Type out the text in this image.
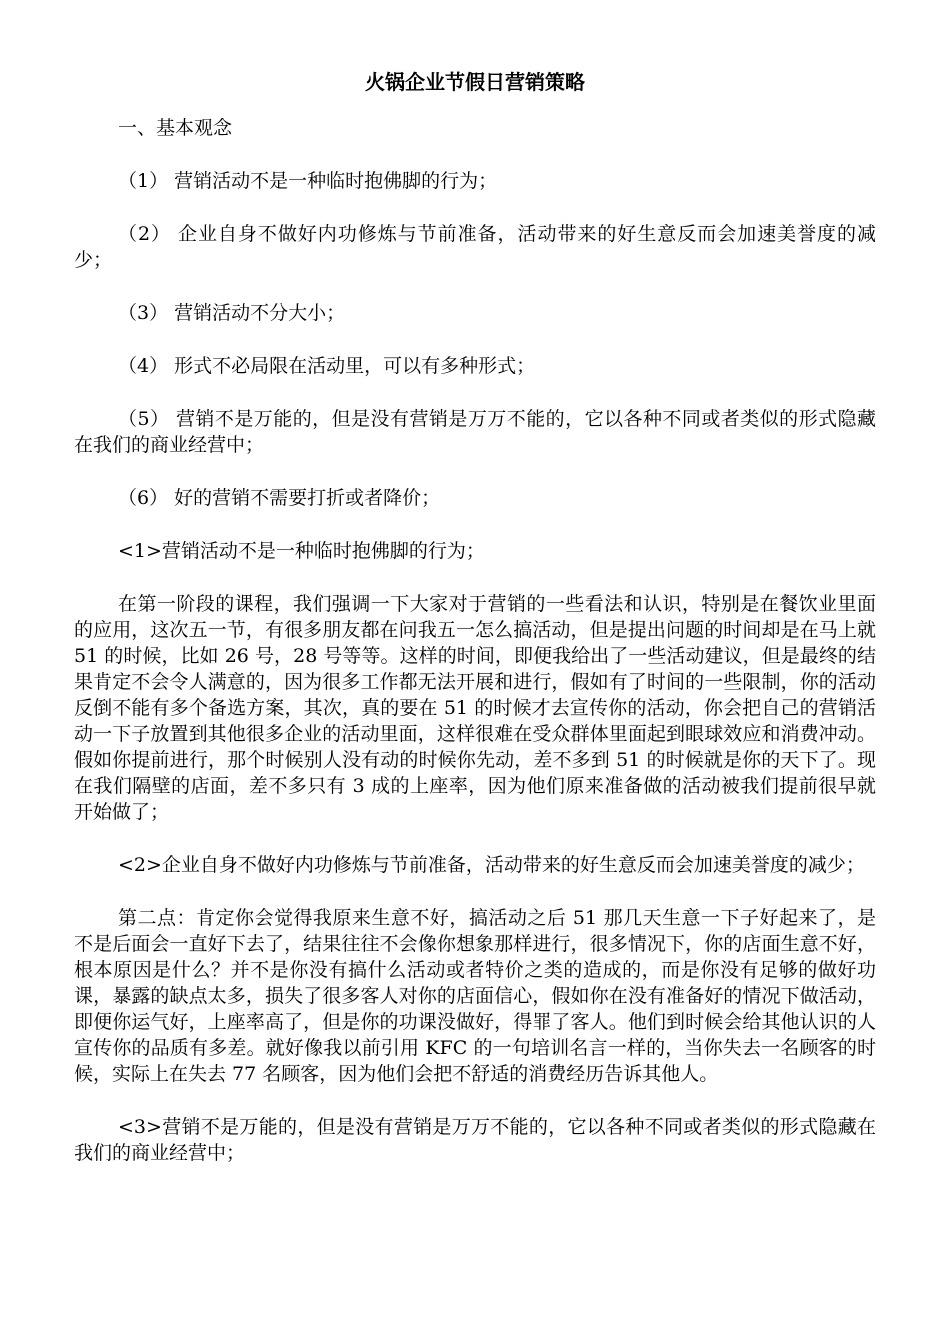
火锅企业节假日营销策略

一、基本观念

（1） 营销活动不是一种临时抱佛脚的行为；

（2） 企业自身不做好内功修炼与节前准备，活动带来的好生意反而会加速美誉度的减少；

（3） 营销活动不分大小；

（4） 形式不必局限在活动里，可以有多种形式；

（5） 营销不是万能的，但是没有营销是万万不能的，它以各种不同或者类似的形式隐藏在我们的商业经营中；

（6） 好的营销不需要打折或者降价；

<1>营销活动不是一种临时抱佛脚的行为；

在第一阶段的课程，我们强调一下大家对于营销的一些看法和认识，特别是在餐饮业里面的应用，这次五一节，有很多朋友都在问我五一怎么搞活动，但是提出问题的时间却是在马上就 51 的时候，比如 26 号，28 号等等。这样的时间，即便我给出了一些活动建议，但是最终的结果肯定不会令人满意的，因为很多工作都无法开展和进行，假如有了时间的一些限制，你的活动反倒不能有多个备选方案，其次，真的要在 51 的时候才去宣传你的活动，你会把自己的营销活动一下子放置到其他很多企业的活动里面，这样很难在受众群体里面起到眼球效应和消费冲动。假如你提前进行，那个时候别人没有动的时候你先动，差不多到 51 的时候就是你的天下了。现在我们隔壁的店面，差不多只有 3 成的上座率，因为他们原来准备做的活动被我们提前很早就开始做了；

<2>企业自身不做好内功修炼与节前准备，活动带来的好生意反而会加速美誉度的减少；

第二点：肯定你会觉得我原来生意不好，搞活动之后 51 那几天生意一下子好起来了，是不是后面会一直好下去了，结果往往不会像你想象那样进行，很多情况下，你的店面生意不好，根本原因是什么？并不是你没有搞什么活动或者特价之类的造成的，而是你没有足够的做好功课，暴露的缺点太多，损失了很多客人对你的店面信心，假如你在没有准备好的情况下做活动，即便你运气好，上座率高了，但是你的功课没做好，得罪了客人。他们到时候会给其他认识的人宣传你的品质有多差。就好像我以前引用 KFC 的一句培训名言一样的，当你失去一名顾客的时候，实际上在失去 77 名顾客，因为他们会把不舒适的消费经历告诉其他人。

<3>营销不是万能的，但是没有营销是万万不能的，它以各种不同或者类似的形式隐藏在我们的商业经营中；
